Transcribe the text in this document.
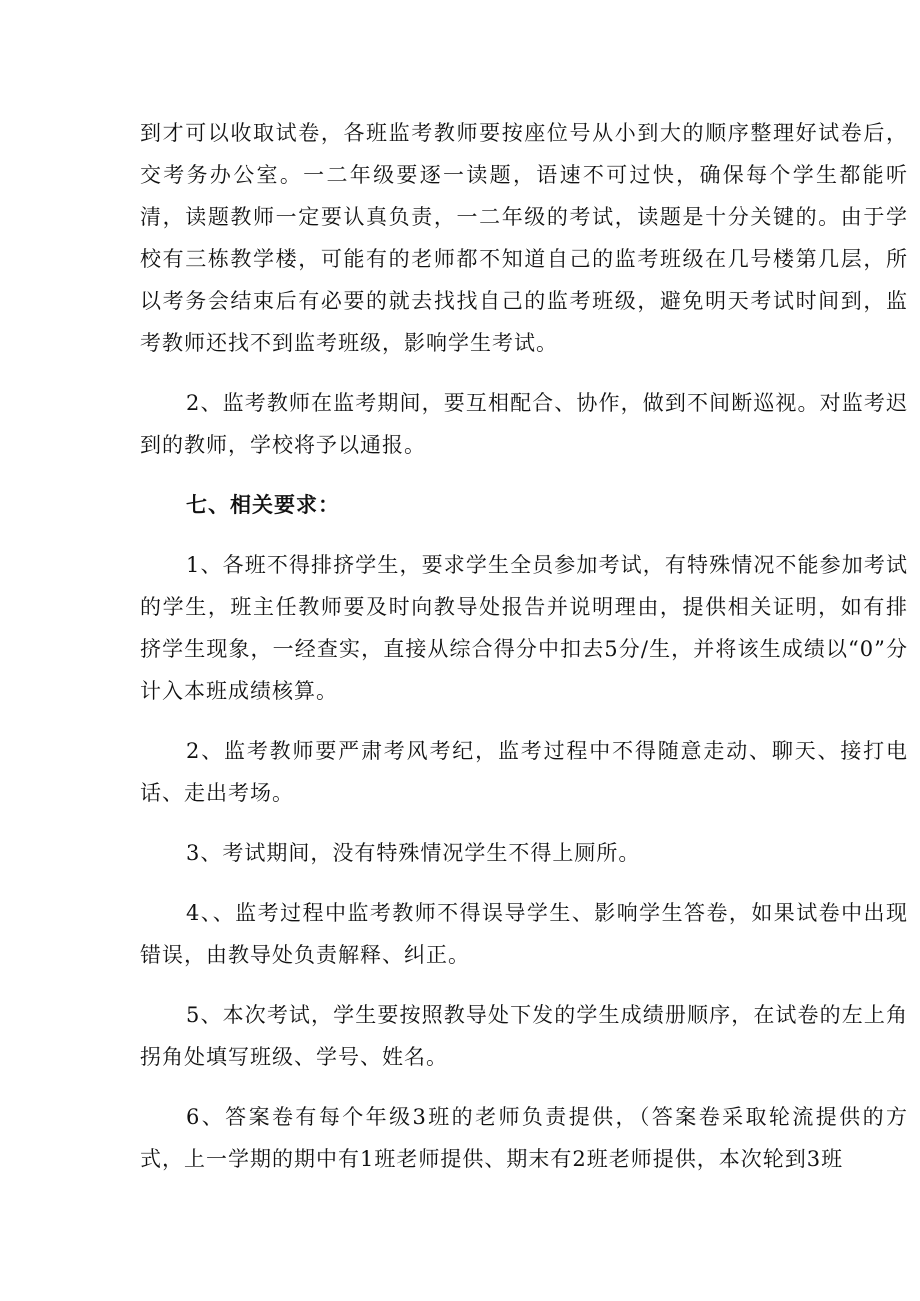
到才可以收取试卷，各班监考教师要按座位号从小到大的顺序整理好试卷后，交考务办公室。一二年级要逐一读题，语速不可过快，确保每个学生都能听清，读题教师一定要认真负责，一二年级的考试，读题是十分关键的。由于学校有三栋教学楼，可能有的老师都不知道自己的监考班级在几号楼第几层，所以考务会结束后有必要的就去找找自己的监考班级，避免明天考试时间到，监考教师还找不到监考班级，影响学生考试。

2、监考教师在监考期间，要互相配合、协作，做到不间断巡视。对监考迟到的教师，学校将予以通报。

七、相关要求：

1、各班不得排挤学生，要求学生全员参加考试，有特殊情况不能参加考试的学生，班主任教师要及时向教导处报告并说明理由，提供相关证明，如有排挤学生现象，一经查实，直接从综合得分中扣去5分/生，并将该生成绩以“0”分计入本班成绩核算。

2、监考教师要严肃考风考纪，监考过程中不得随意走动、聊天、接打电话、走出考场。

3、考试期间，没有特殊情况学生不得上厕所。

4、、监考过程中监考教师不得误导学生、影响学生答卷，如果试卷中出现错误，由教导处负责解释、纠正。

5、本次考试，学生要按照教导处下发的学生成绩册顺序，在试卷的左上角拐角处填写班级、学号、姓名。

6、答案卷有每个年级3班的老师负责提供，（答案卷采取轮流提供的方式，上一学期的期中有1班老师提供、期末有2班老师提供，本次轮到3班
